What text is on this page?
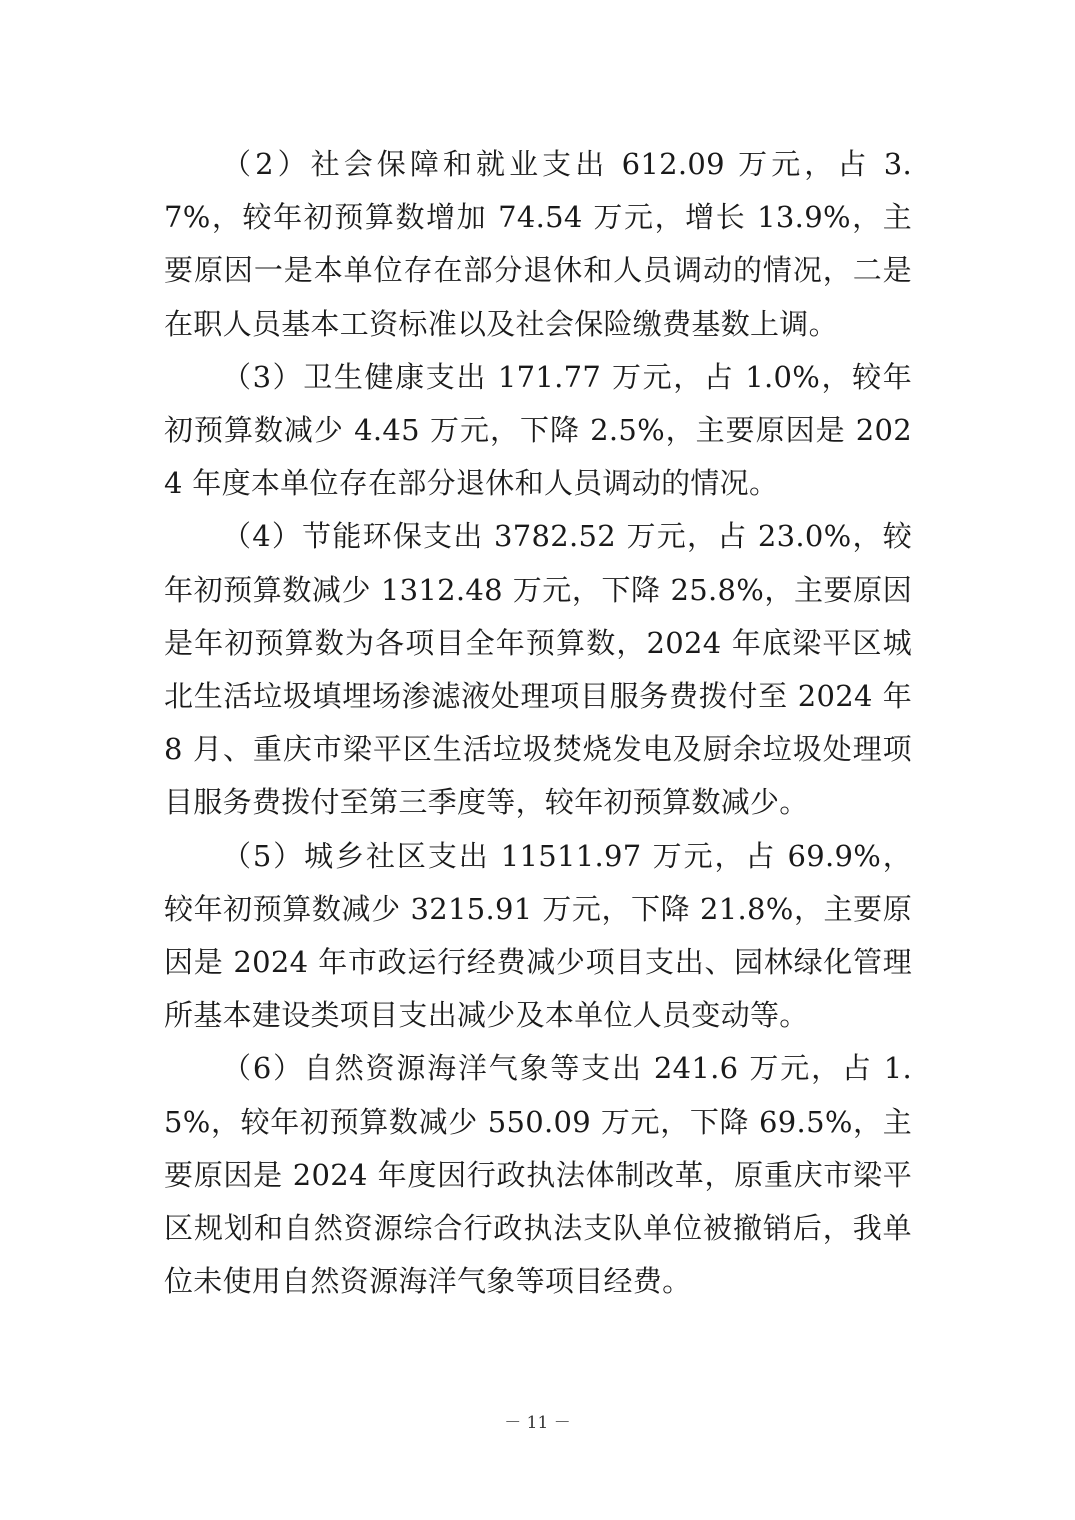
（2）社会保障和就业支出 612.09 万元，占 3.7%，较年初预算数增加 74.54 万元，增长 13.9%，主要原因一是本单位存在部分退休和人员调动的情况，二是在职人员基本工资标准以及社会保险缴费基数上调。

（3）卫生健康支出 171.77 万元，占 1.0%，较年初预算数减少 4.45 万元，下降 2.5%，主要原因是 2024 年度本单位存在部分退休和人员调动的情况。

（4）节能环保支出 3782.52 万元，占 23.0%，较年初预算数减少 1312.48 万元，下降 25.8%，主要原因是年初预算数为各项目全年预算数，2024 年底梁平区城北生活垃圾填埋场渗滤液处理项目服务费拨付至 2024 年 8 月、重庆市梁平区生活垃圾焚烧发电及厨余垃圾处理项目服务费拨付至第三季度等，较年初预算数减少。

（5）城乡社区支出 11511.97 万元，占 69.9%，较年初预算数减少 3215.91 万元，下降 21.8%，主要原因是 2024 年市政运行经费减少项目支出、园林绿化管理所基本建设类项目支出减少及本单位人员变动等。

（6）自然资源海洋气象等支出 241.6 万元，占 1.5%，较年初预算数减少 550.09 万元，下降 69.5%，主要原因是 2024 年度因行政执法体制改革，原重庆市梁平区规划和自然资源综合行政执法支队单位被撤销后，我单位未使用自然资源海洋气象等项目经费。

－ 11 －
